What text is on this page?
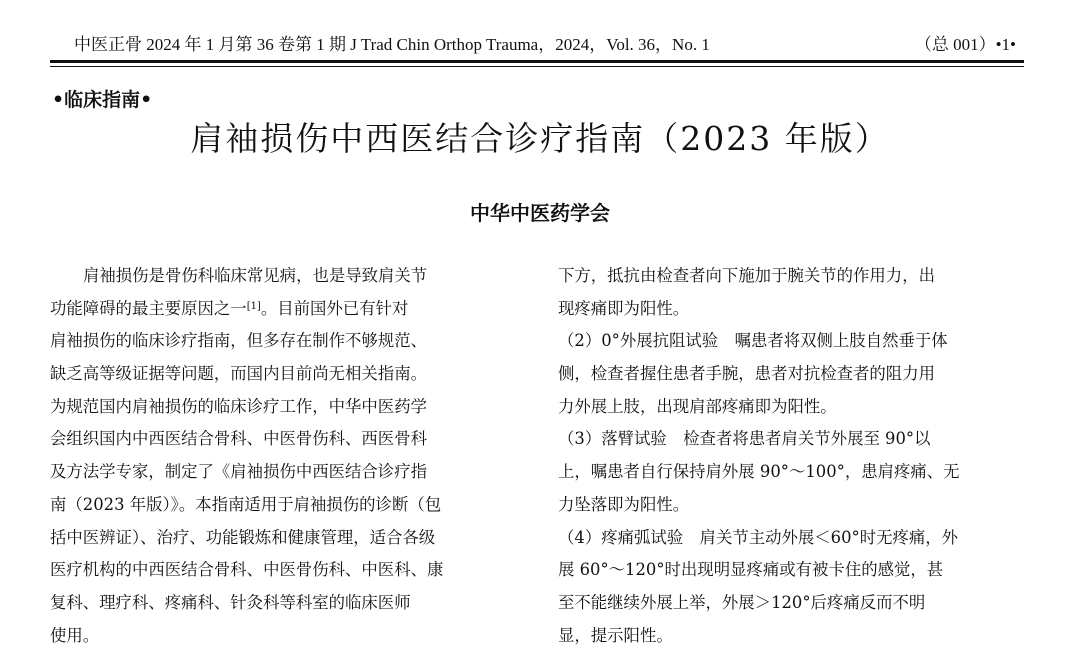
中医正骨 2024 年 1 月第 36 卷第 1 期 J Trad Chin Orthop Trauma，2024，Vol. 36，No. 1	（总 001）•1•
•临床指南•
肩袖损伤中西医结合诊疗指南（2023 年版）
中华中医药学会
肩袖损伤是骨伤科临床常见病，也是导致肩关节
功能障碍的最主要原因之一[1]。目前国外已有针对
肩袖损伤的临床诊疗指南，但多存在制作不够规范、
缺乏高等级证据等问题，而国内目前尚无相关指南。
为规范国内肩袖损伤的临床诊疗工作，中华中医药学
会组织国内中西医结合骨科、中医骨伤科、西医骨科
及方法学专家，制定了《肩袖损伤中西医结合诊疗指
南（2023 年版）》。本指南适用于肩袖损伤的诊断（包
括中医辨证）、治疗、功能锻炼和健康管理，适合各级
医疗机构的中西医结合骨科、中医骨伤科、中医科、康
复科、理疗科、疼痛科、针灸科等科室的临床医师
使用。
下方，抵抗由检查者向下施加于腕关节的作用力，出
现疼痛即为阳性。
（2）0°外展抗阻试验　嘱患者将双侧上肢自然垂于体
侧，检查者握住患者手腕，患者对抗检查者的阻力用
力外展上肢，出现肩部疼痛即为阳性。
（3）落臂试验　检查者将患者肩关节外展至 90°以
上，嘱患者自行保持肩外展 90°～100°，患肩疼痛、无
力坠落即为阳性。
（4）疼痛弧试验　肩关节主动外展＜60°时无疼痛，外
展 60°～120°时出现明显疼痛或有被卡住的感觉，甚
至不能继续外展上举，外展＞120°后疼痛反而不明
显，提示阳性。
